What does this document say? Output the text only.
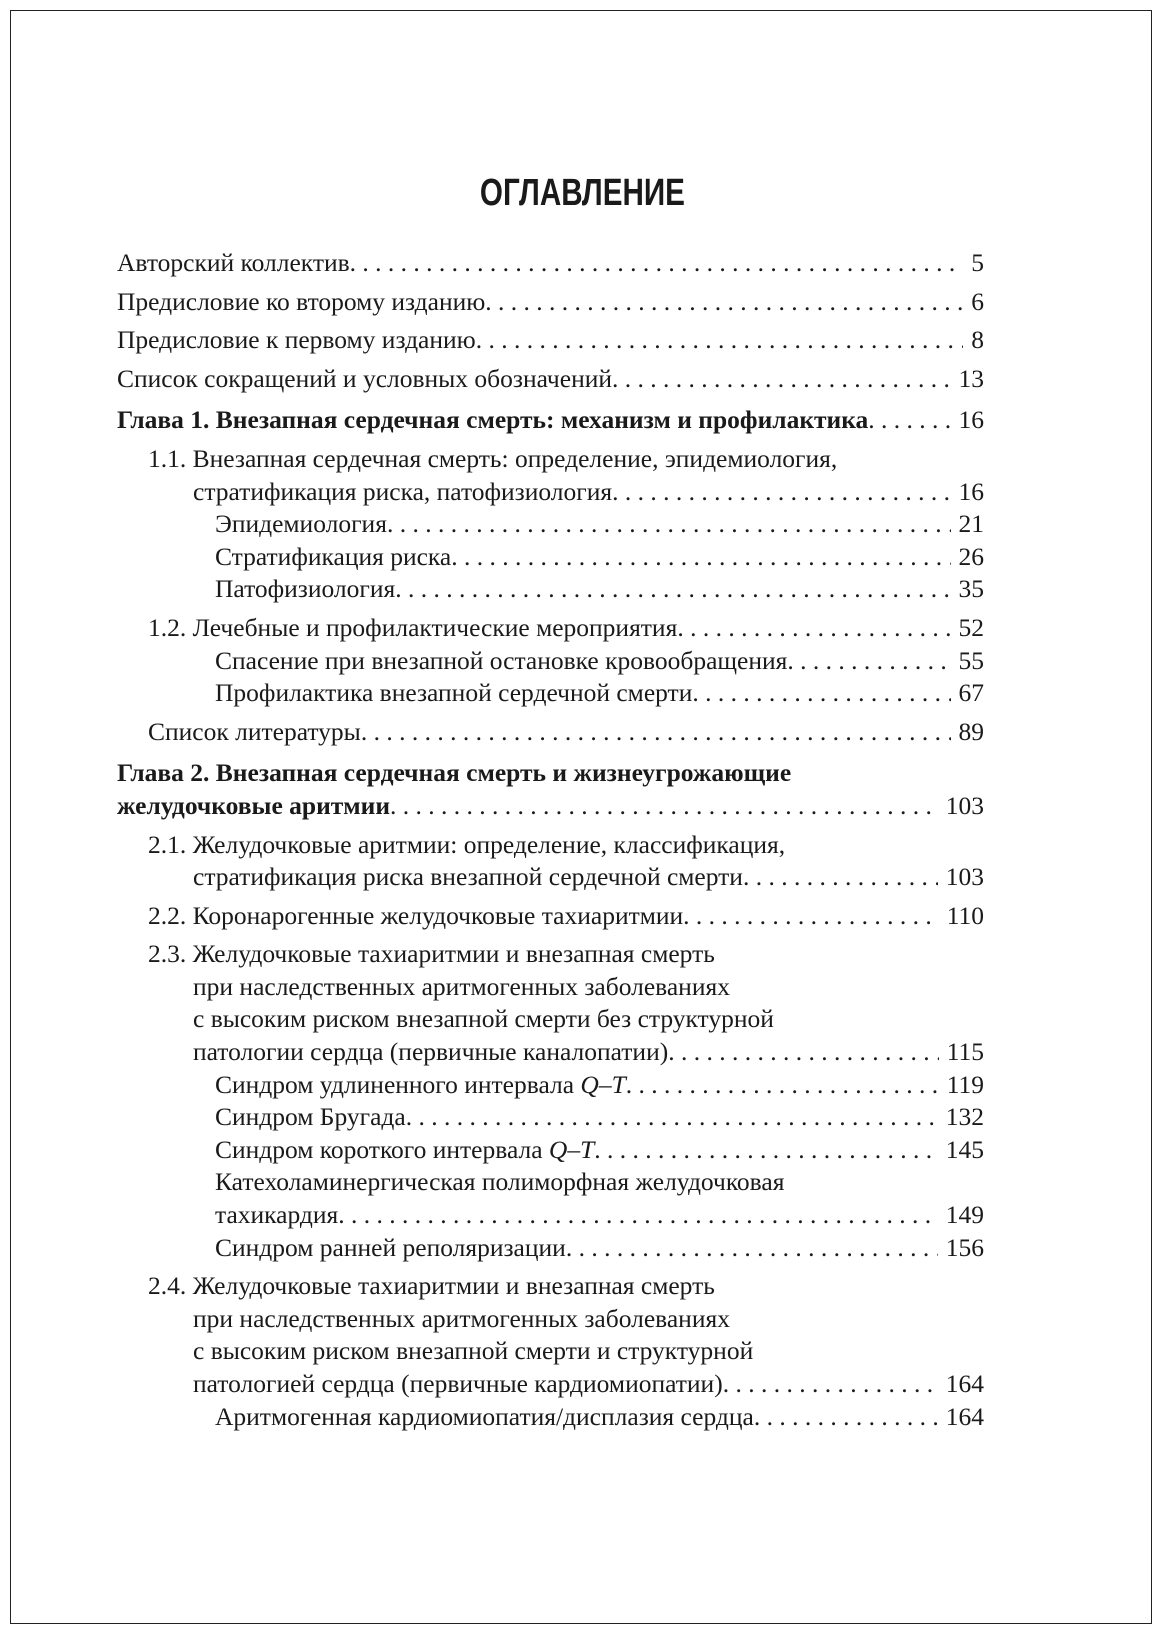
ОГЛАВЛЕНИЕ
Авторский коллектив . . .	5
Предисловие ко второму изданию . . .	6
Предисловие к первому изданию . . .	8
Список сокращений и условных обозначений . . .	13
Глава 1. Внезапная сердечная смерть: механизм и профилактика . . .	16
1.1. Внезапная сердечная смерть: определение, эпидемиология,
стратификация риска, патофизиология . . .	16
Эпидемиология . . .	21
Стратификация риска . . .	26
Патофизиология . . .	35
1.2. Лечебные и профилактические мероприятия . . .	52
Спасение при внезапной остановке кровообращения . . .	55
Профилактика внезапной сердечной смерти . . .	67
Список литературы . . .	89
Глава 2. Внезапная сердечная смерть и жизнеугрожающие
желудочковые аритмии . . .	103
2.1. Желудочковые аритмии: определение, классификация,
стратификация риска внезапной сердечной смерти . . .	103
2.2. Коронарогенные желудочковые тахиаритмии . . .	110
2.3. Желудочковые тахиаритмии и внезапная смерть
при наследственных аритмогенных заболеваниях
с высоким риском внезапной смерти без структурной
патологии сердца (первичные каналопатии) . . .	115
Синдром удлиненного интервала Q–T . . .	119
Синдром Бругада . . .	132
Синдром короткого интервала Q–T . . .	145
Катехоламинергическая полиморфная желудочковая
тахикардия . . .	149
Синдром ранней реполяризации . . .	156
2.4. Желудочковые тахиаритмии и внезапная смерть
при наследственных аритмогенных заболеваниях
с высоким риском внезапной смерти и структурной
патологией сердца (первичные кардиомиопатии) . . .	164
Аритмогенная кардиомиопатия/дисплазия сердца . . .	164
